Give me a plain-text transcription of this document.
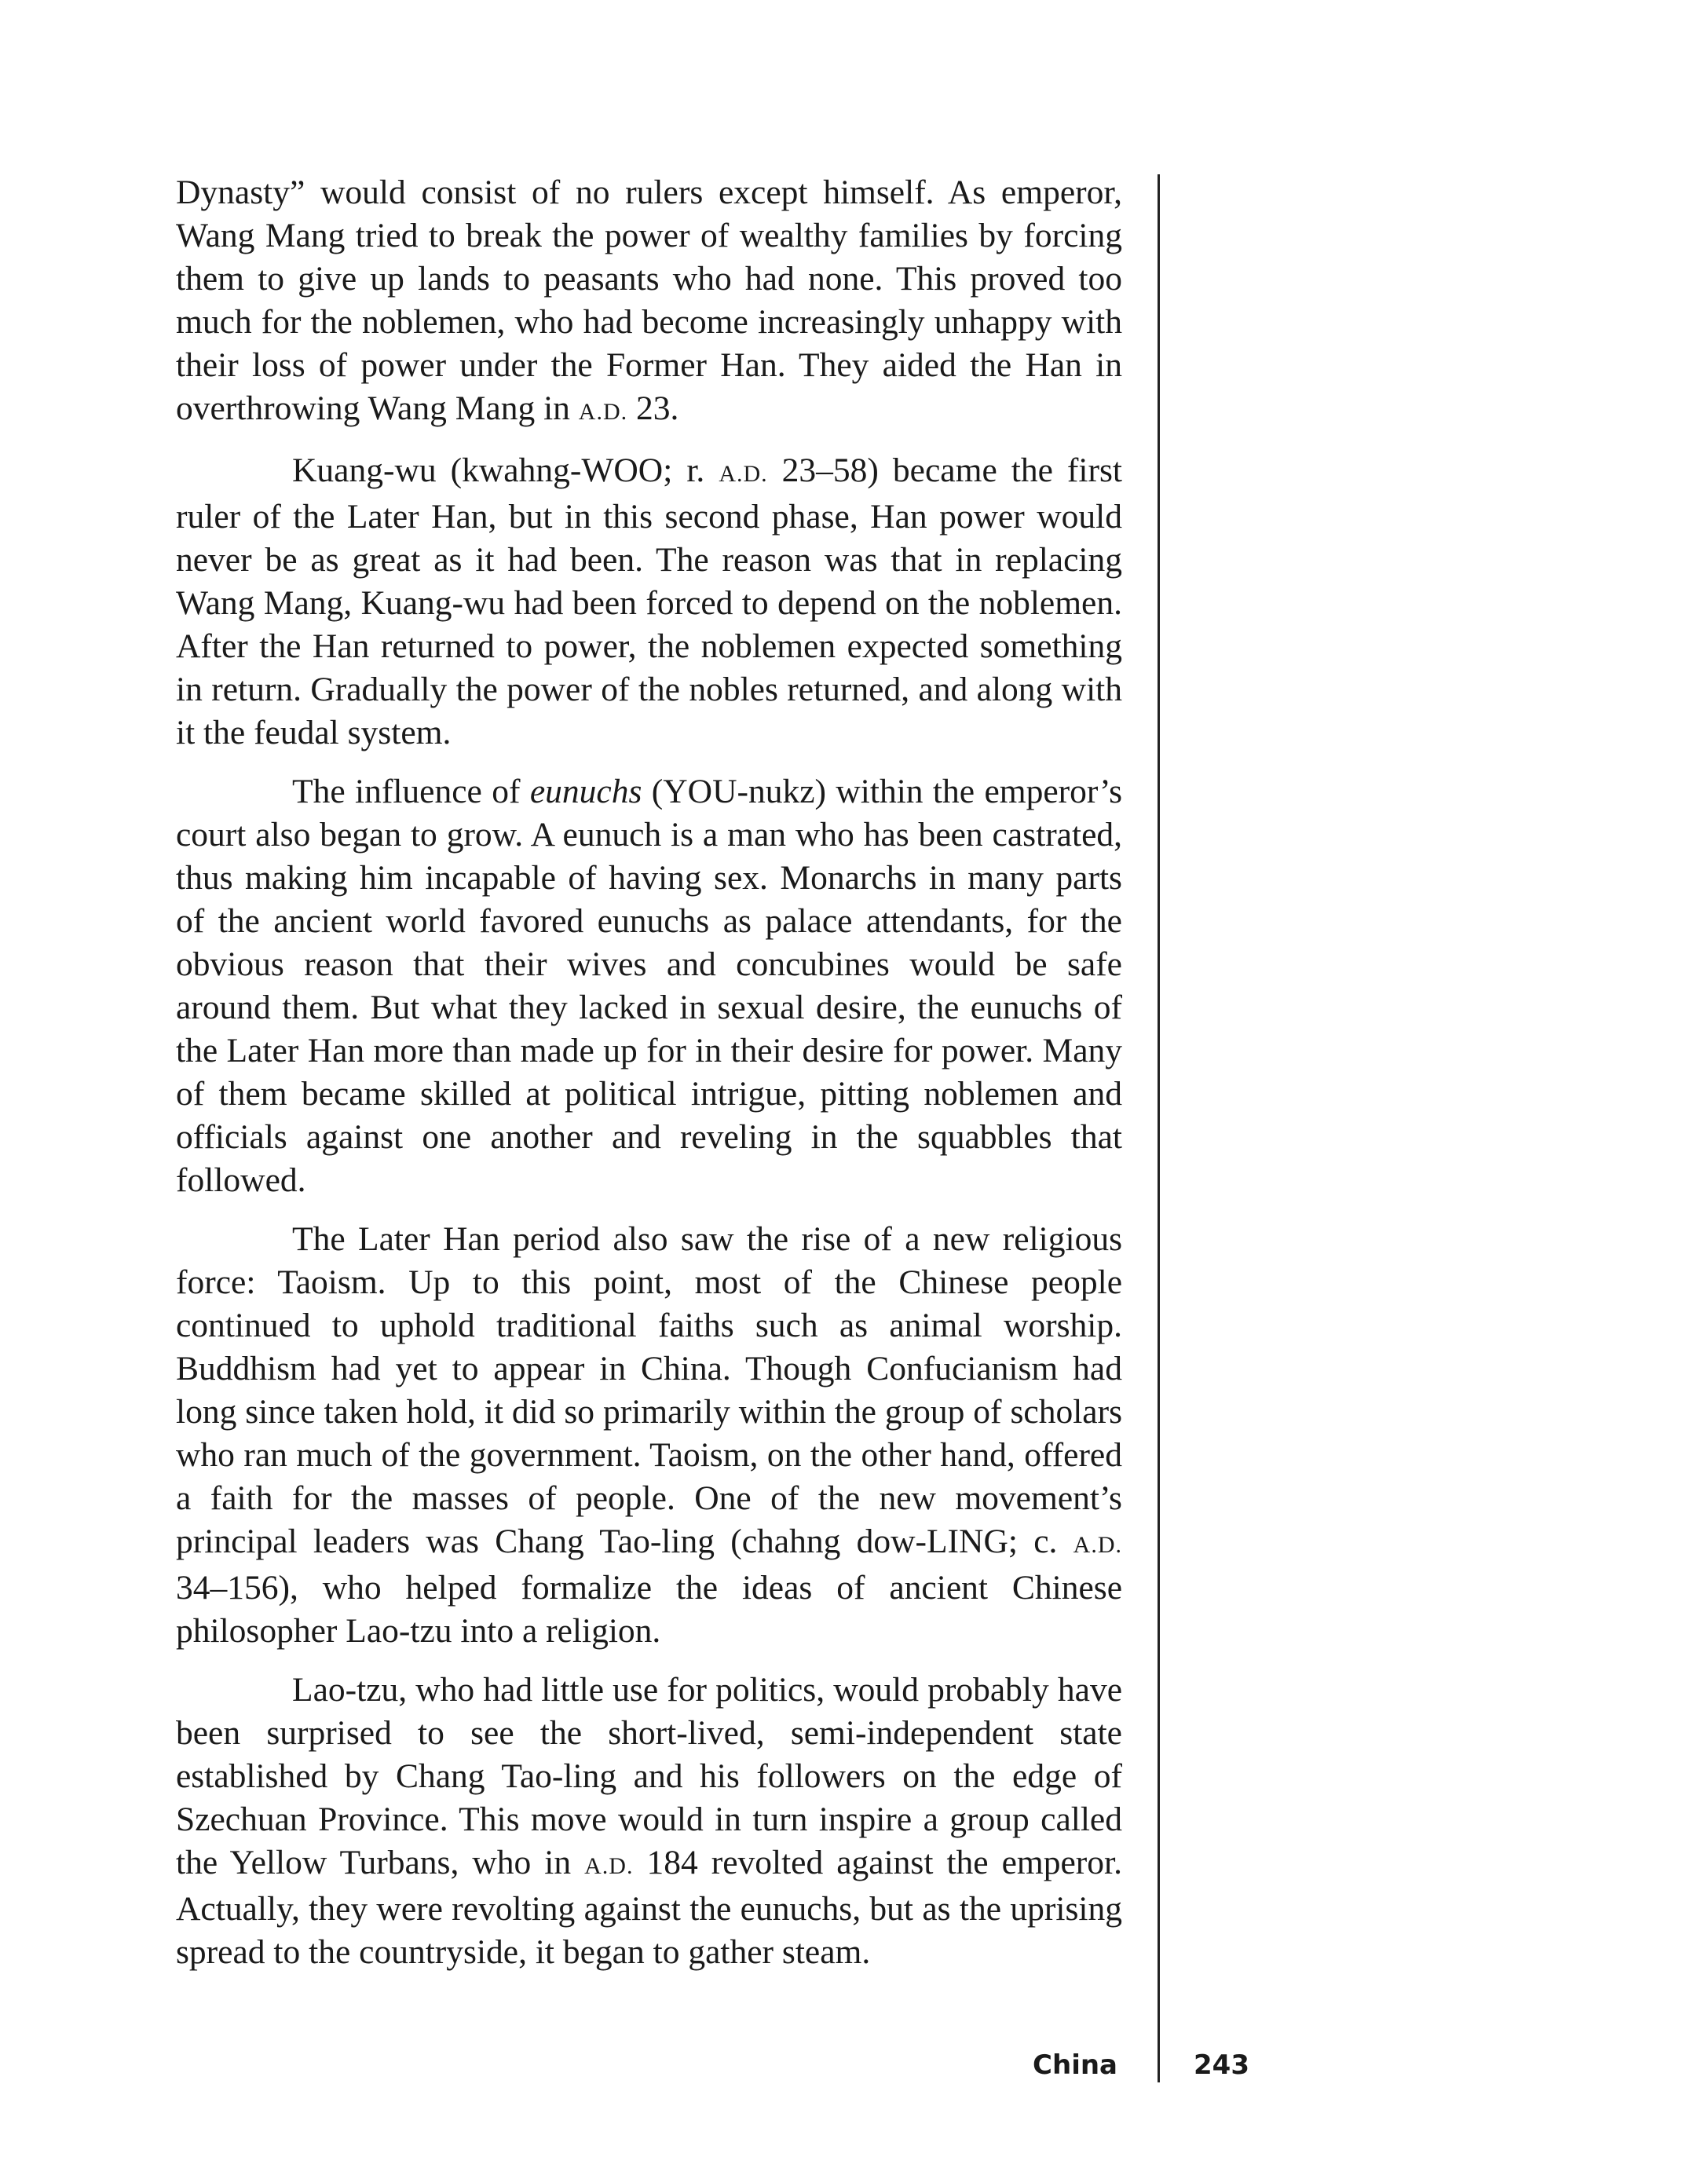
Dynasty” would consist of no rulers except himself. As emperor, Wang Mang tried to break the power of wealthy families by forcing them to give up lands to peasants who had none. This proved too much for the noblemen, who had become increasingly unhappy with their loss of power under the Former Han. They aided the Han in overthrowing Wang Mang in A.D. 23.

Kuang-wu (kwahng-WOO; r. A.D. 23–58) became the first ruler of the Later Han, but in this second phase, Han power would never be as great as it had been. The reason was that in replacing Wang Mang, Kuang-wu had been forced to depend on the noblemen. After the Han returned to power, the noblemen expected something in return. Gradually the power of the nobles returned, and along with it the feudal system.

The influence of eunuchs (YOU-nukz) within the emperor’s court also began to grow. A eunuch is a man who has been castrated, thus making him incapable of having sex. Monarchs in many parts of the ancient world favored eunuchs as palace attendants, for the obvious reason that their wives and concubines would be safe around them. But what they lacked in sexual desire, the eunuchs of the Later Han more than made up for in their desire for power. Many of them became skilled at political intrigue, pitting noblemen and officials against one another and reveling in the squabbles that followed.

The Later Han period also saw the rise of a new religious force: Taoism. Up to this point, most of the Chinese people continued to uphold traditional faiths such as animal worship. Buddhism had yet to appear in China. Though Confucianism had long since taken hold, it did so primarily within the group of scholars who ran much of the government. Taoism, on the other hand, offered a faith for the masses of people. One of the new movement’s principal leaders was Chang Tao-ling (chahng dow-LING; c. A.D. 34–156), who helped formalize the ideas of ancient Chinese philosopher Lao-tzu into a religion.

Lao-tzu, who had little use for politics, would probably have been surprised to see the short-lived, semi-independent state established by Chang Tao-ling and his followers on the edge of Szechuan Province. This move would in turn inspire a group called the Yellow Turbans, who in A.D. 184 revolted against the emperor. Actually, they were revolting against the eunuchs, but as the uprising spread to the countryside, it began to gather steam.

China	243
